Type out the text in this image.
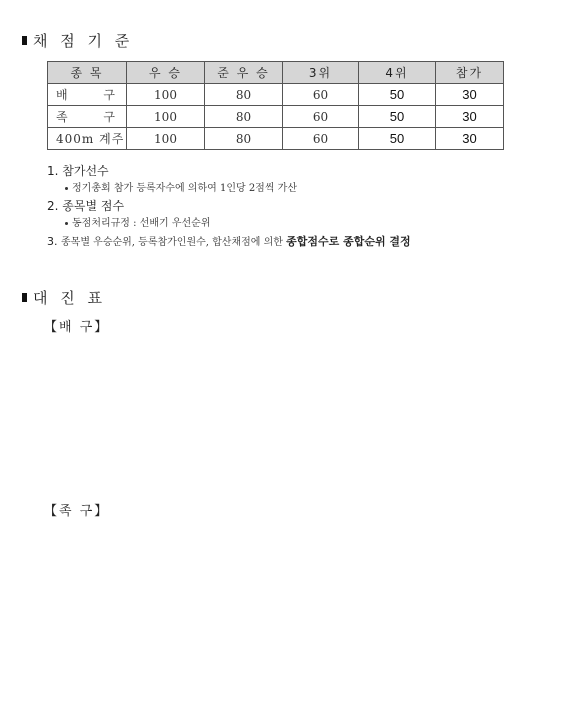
채 점 기 준
종 목	우 승	준 우 승	3위	4위	참가

배 구	100	80	60	50	30

족 구	100	80	60	50	30
400m 계주	100	80	60	50	30
1. 참가선수
정기총회 참가 등록자수에 의하여 1인당 2점씩 가산
2. 종목별 점수
동점처리규정 : 선배기 우선순위
3. 종목별 우승순위, 등록참가인원수, 합산채점에 의한 종합점수로 종합순위 결정
대 진 표
【배 구】
【족 구】
